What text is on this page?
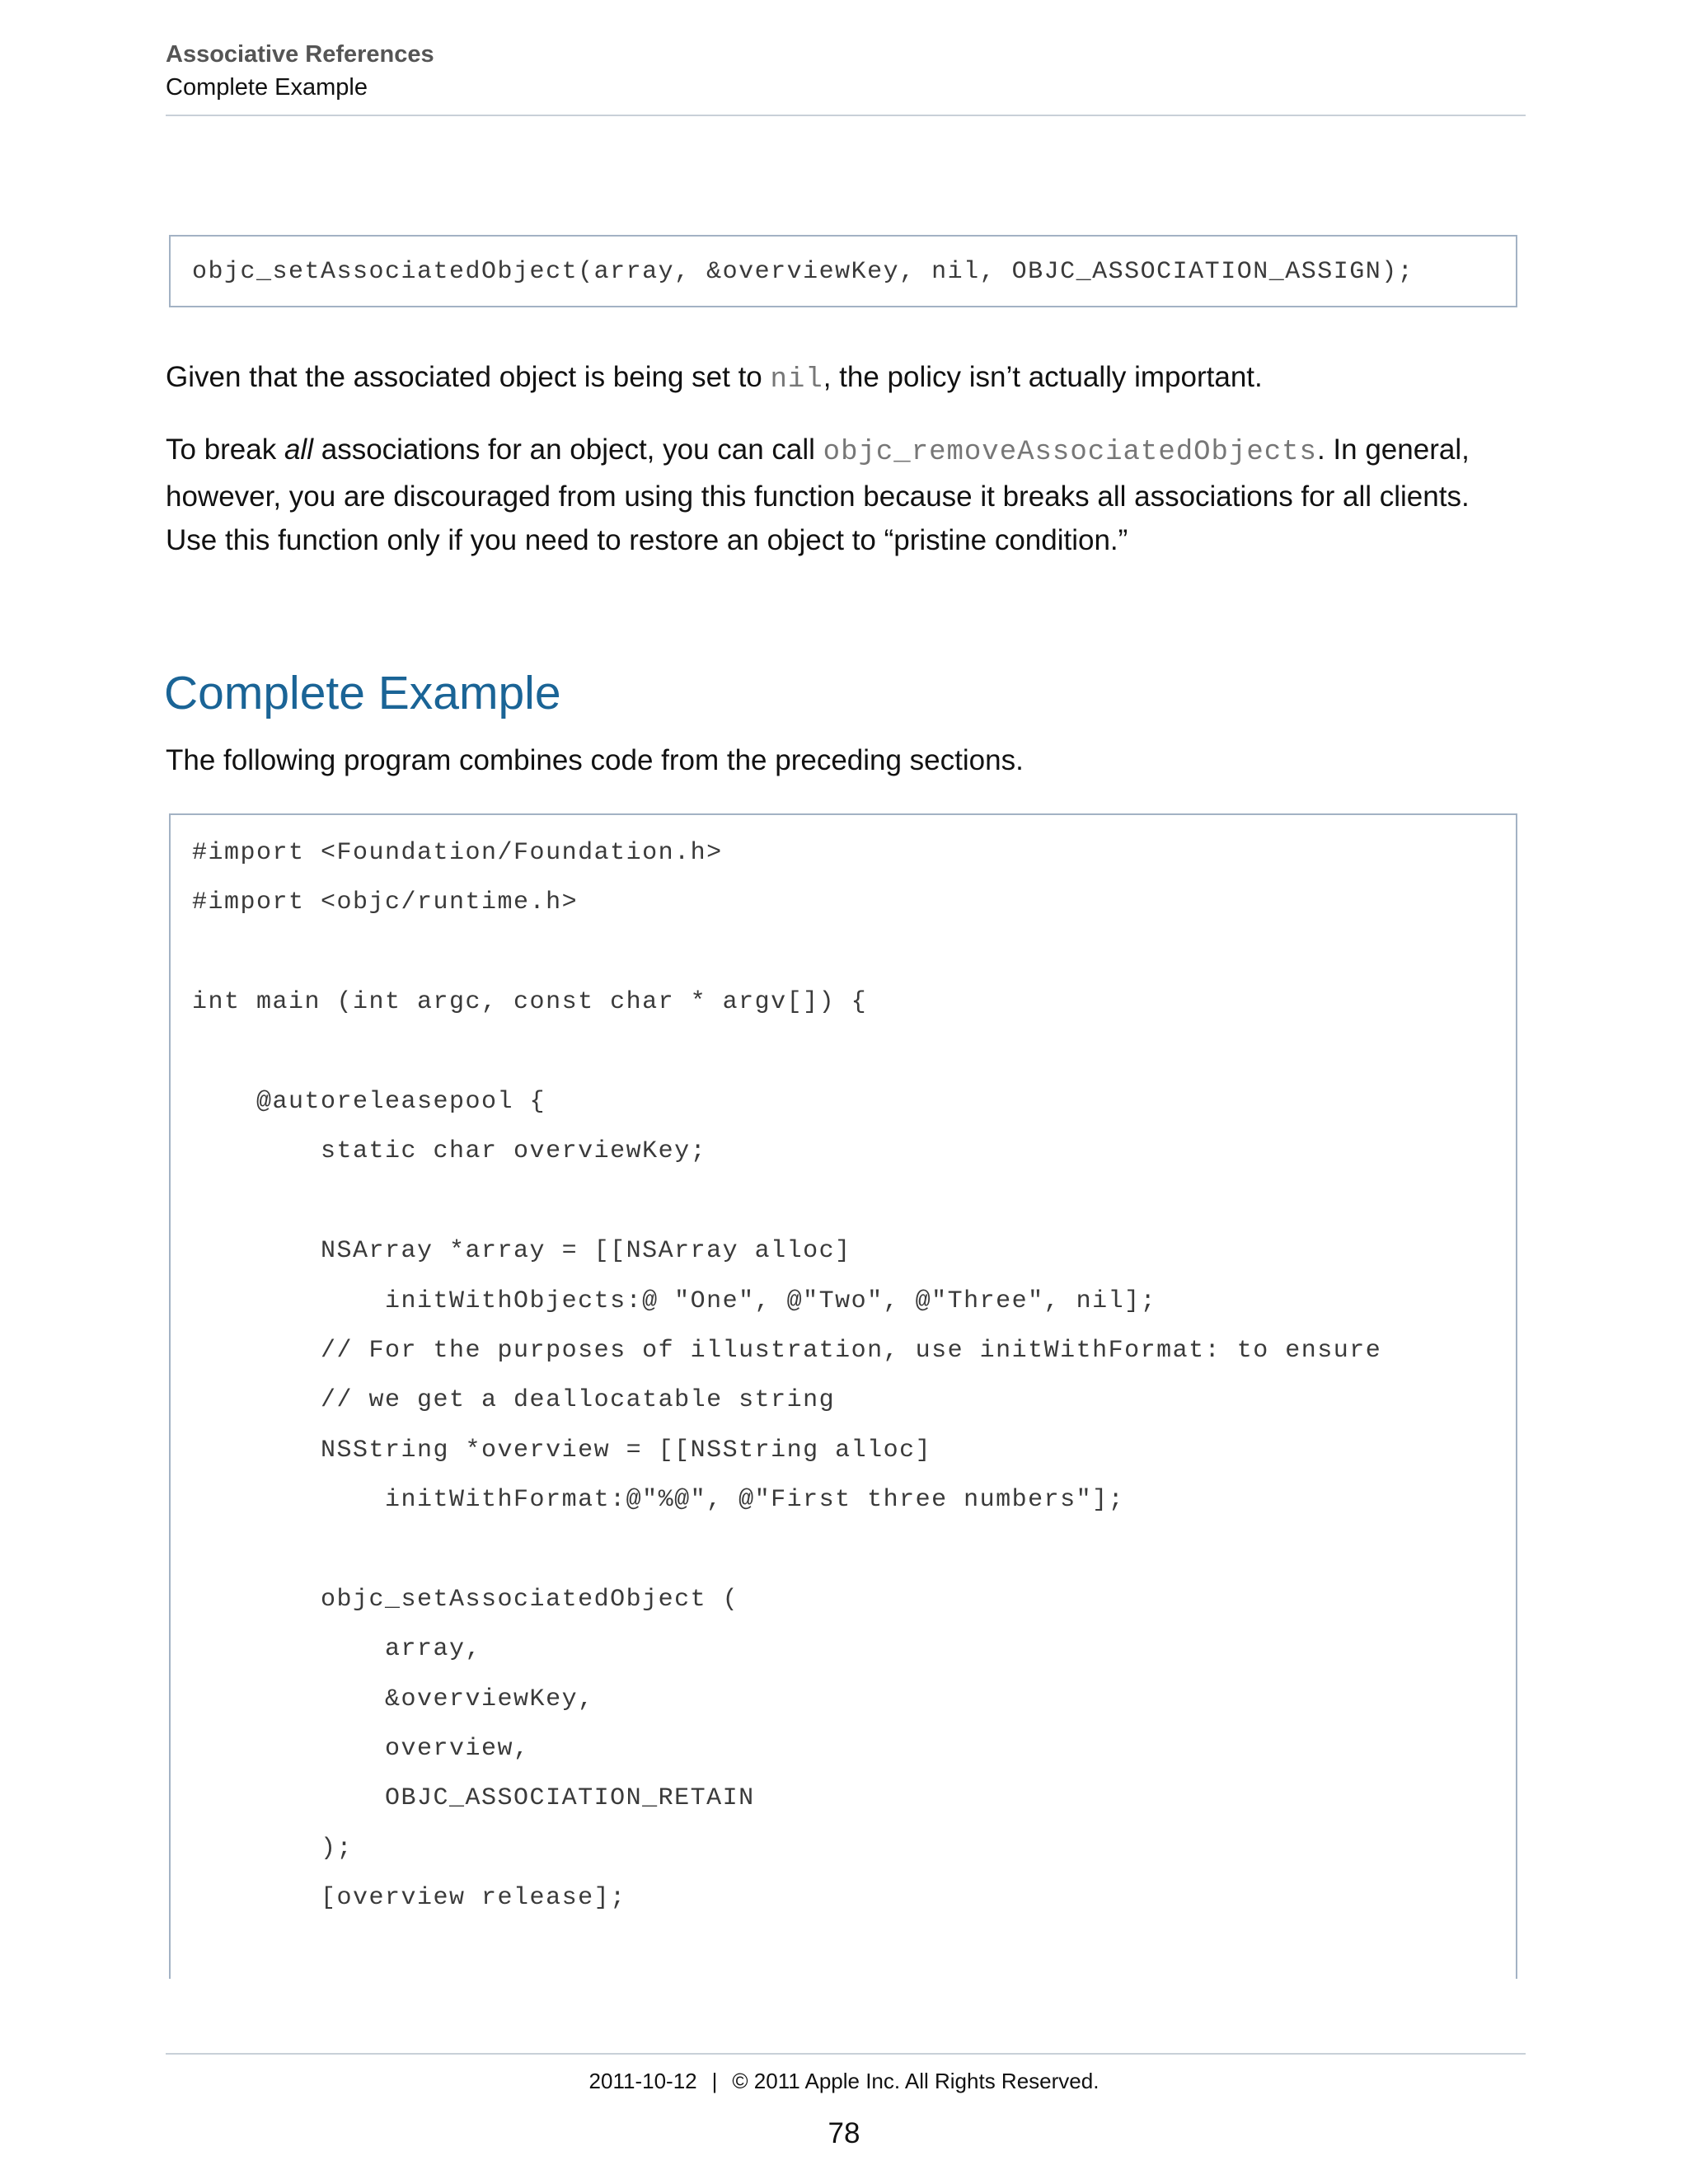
Associative References
Complete Example
objc_setAssociatedObject(array, &overviewKey, nil, OBJC_ASSOCIATION_ASSIGN);

Given that the associated object is being set to nil, the policy isn’t actually important.

To break all associations for an object, you can call objc_removeAssociatedObjects. In general, however, you are discouraged from using this function because it breaks all associations for all clients. Use this function only if you need to restore an object to “pristine condition.”

Complete Example
The following program combines code from the preceding sections.
#import <Foundation/Foundation.h>
#import <objc/runtime.h>
int main (int argc, const char * argv[]) {
@autoreleasepool {
static char overviewKey;
NSArray *array = [[NSArray alloc]
initWithObjects:@ "One", @"Two", @"Three", nil];
// For the purposes of illustration, use initWithFormat: to ensure
// we get a deallocatable string
NSString *overview = [[NSString alloc]
initWithFormat:@"%@", @"First three numbers"];
objc_setAssociatedObject (
array,
&overviewKey,
overview,
OBJC_ASSOCIATION_RETAIN
);
[overview release];
2011-10-12 | © 2011 Apple Inc. All Rights Reserved.
78
